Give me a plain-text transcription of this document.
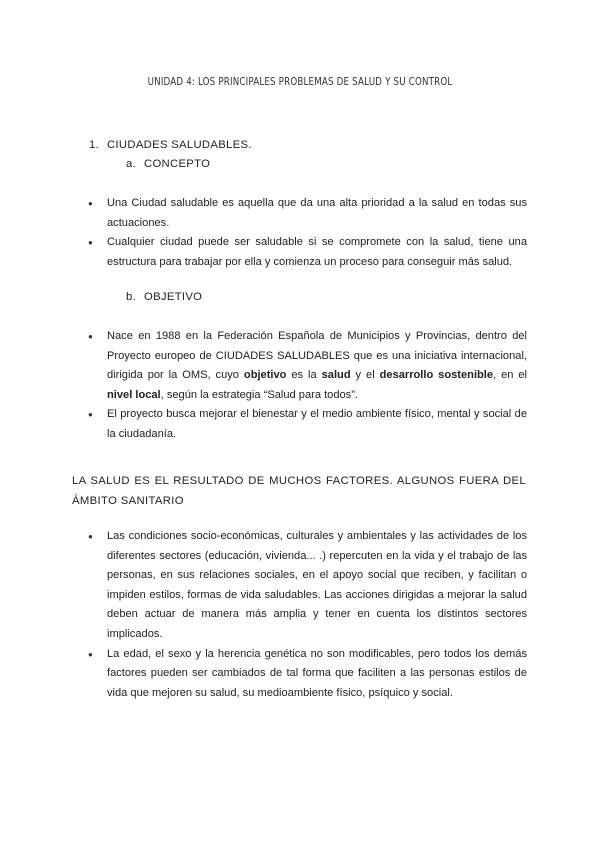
UNIDAD 4: LOS PRINCIPALES PROBLEMAS DE SALUD Y SU CONTROL
1. CIUDADES SALUDABLES.
a. CONCEPTO
● Una Ciudad saludable es aquella que da una alta prioridad a la salud en todas sus actuaciones.
● Cualquier ciudad puede ser saludable si se compromete con la salud, tiene una estructura para trabajar por ella y comienza un proceso para conseguir más salud.
b. OBJETIVO
● Nace en 1988 en la Federación Española de Municipios y Provincias, dentro del Proyecto europeo de CIUDADES SALUDABLES que es una iniciativa internacional, dirigida por la OMS, cuyo objetivo es la salud y el desarrollo sostenible, en el nivel local, según la estrategia “Salud para todos”.
● El proyecto busca mejorar el bienestar y el medio ambiente físico, mental y social de la ciudadanía.
LA SALUD ES EL RESULTADO DE MUCHOS FACTORES. ALGUNOS FUERA DEL ÁMBITO SANITARIO
● Las condiciones socio-económicas, culturales y ambientales y las actividades de los diferentes sectores (educación, vivienda... .) repercuten en la vida y el trabajo de las personas, en sus relaciones sociales, en el apoyo social que reciben, y facilitan o impiden estilos, formas de vida saludables. Las acciones dirigidas a mejorar la salud deben actuar de manera más amplia y tener en cuenta los distintos sectores implicados.
● La edad, el sexo y la herencia genética no son modificables, pero todos los demás factores pueden ser cambiados de tal forma que faciliten a las personas estilos de vida que mejoren su salud, su medioambiente físico, psíquico y social.
